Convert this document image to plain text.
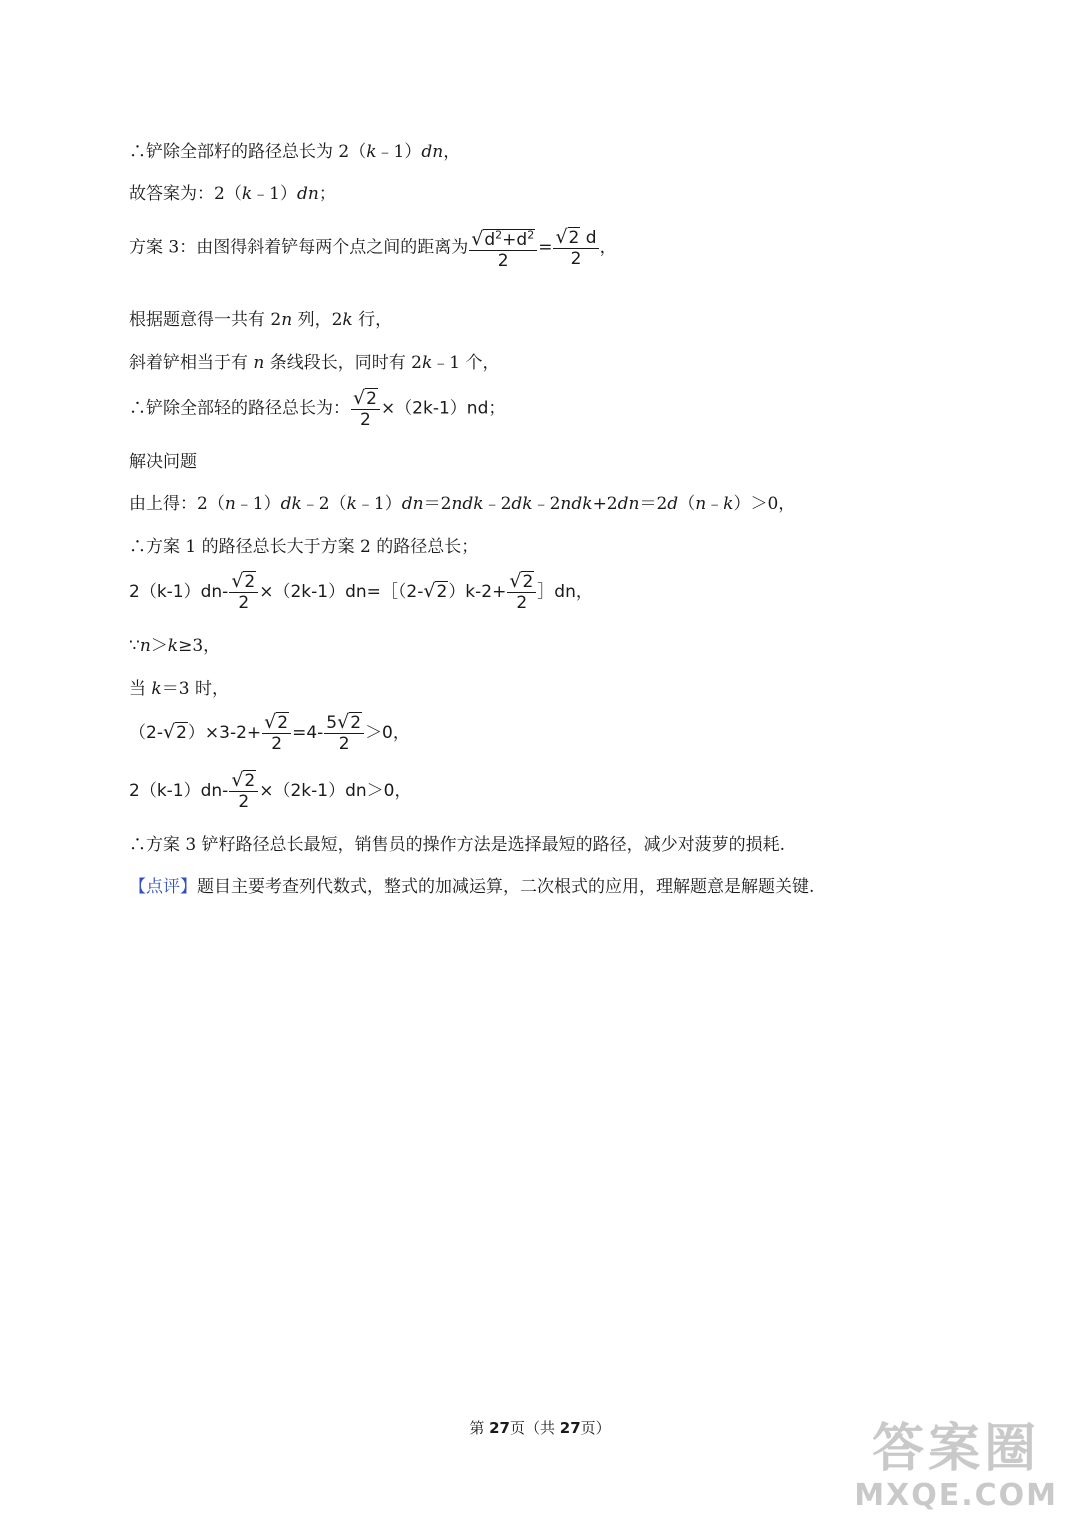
∴铲除全部籽的路径总长为 2（k﹣1）dn，
故答案为：2（k﹣1）dn；
方案 3：由图得斜着铲每两个点之间的距离为 $\frac{√d^2+d^2}{2} = \frac{√2 d}{2}$ ，
根据题意得一共有 2n 列，2k 行，
斜着铲相当于有 n 条线段长，同时有 2k﹣1 个，
∴铲除全部轻的路径总长为： $\frac{√2}{2} \times(2k-1)nd$；
解决问题
由上得：2（n﹣1）dk﹣2（k﹣1）dn＝2ndk﹣2dk﹣2ndk+2dn＝2d（n﹣k）＞0，
∴方案 1 的路径总长大于方案 2 的路径总长；
$2(k-1)dn- \frac{√2}{2}$ ×（2k-1）dn=［（2-√2）k-2+ $\frac{√2}{2}$ ］dn，
∵n＞k≥3，
当 k＝3 时，
$(2-√2)\times 3-2+ \frac{√2}{2} =4- \frac{5√2}{2} >0$，
$2(k-1)dn- \frac{√2}{2} \times(2k-1)dn>0$，
∴方案 3 铲籽路径总长最短，销售员的操作方法是选择最短的路径，减少对菠萝的损耗.
【点评】题目主要考查列代数式，整式的加减运算，二次根式的应用，理解题意是解题关键.
第 27页（共 27页）	答案圈
MXQE.COM
